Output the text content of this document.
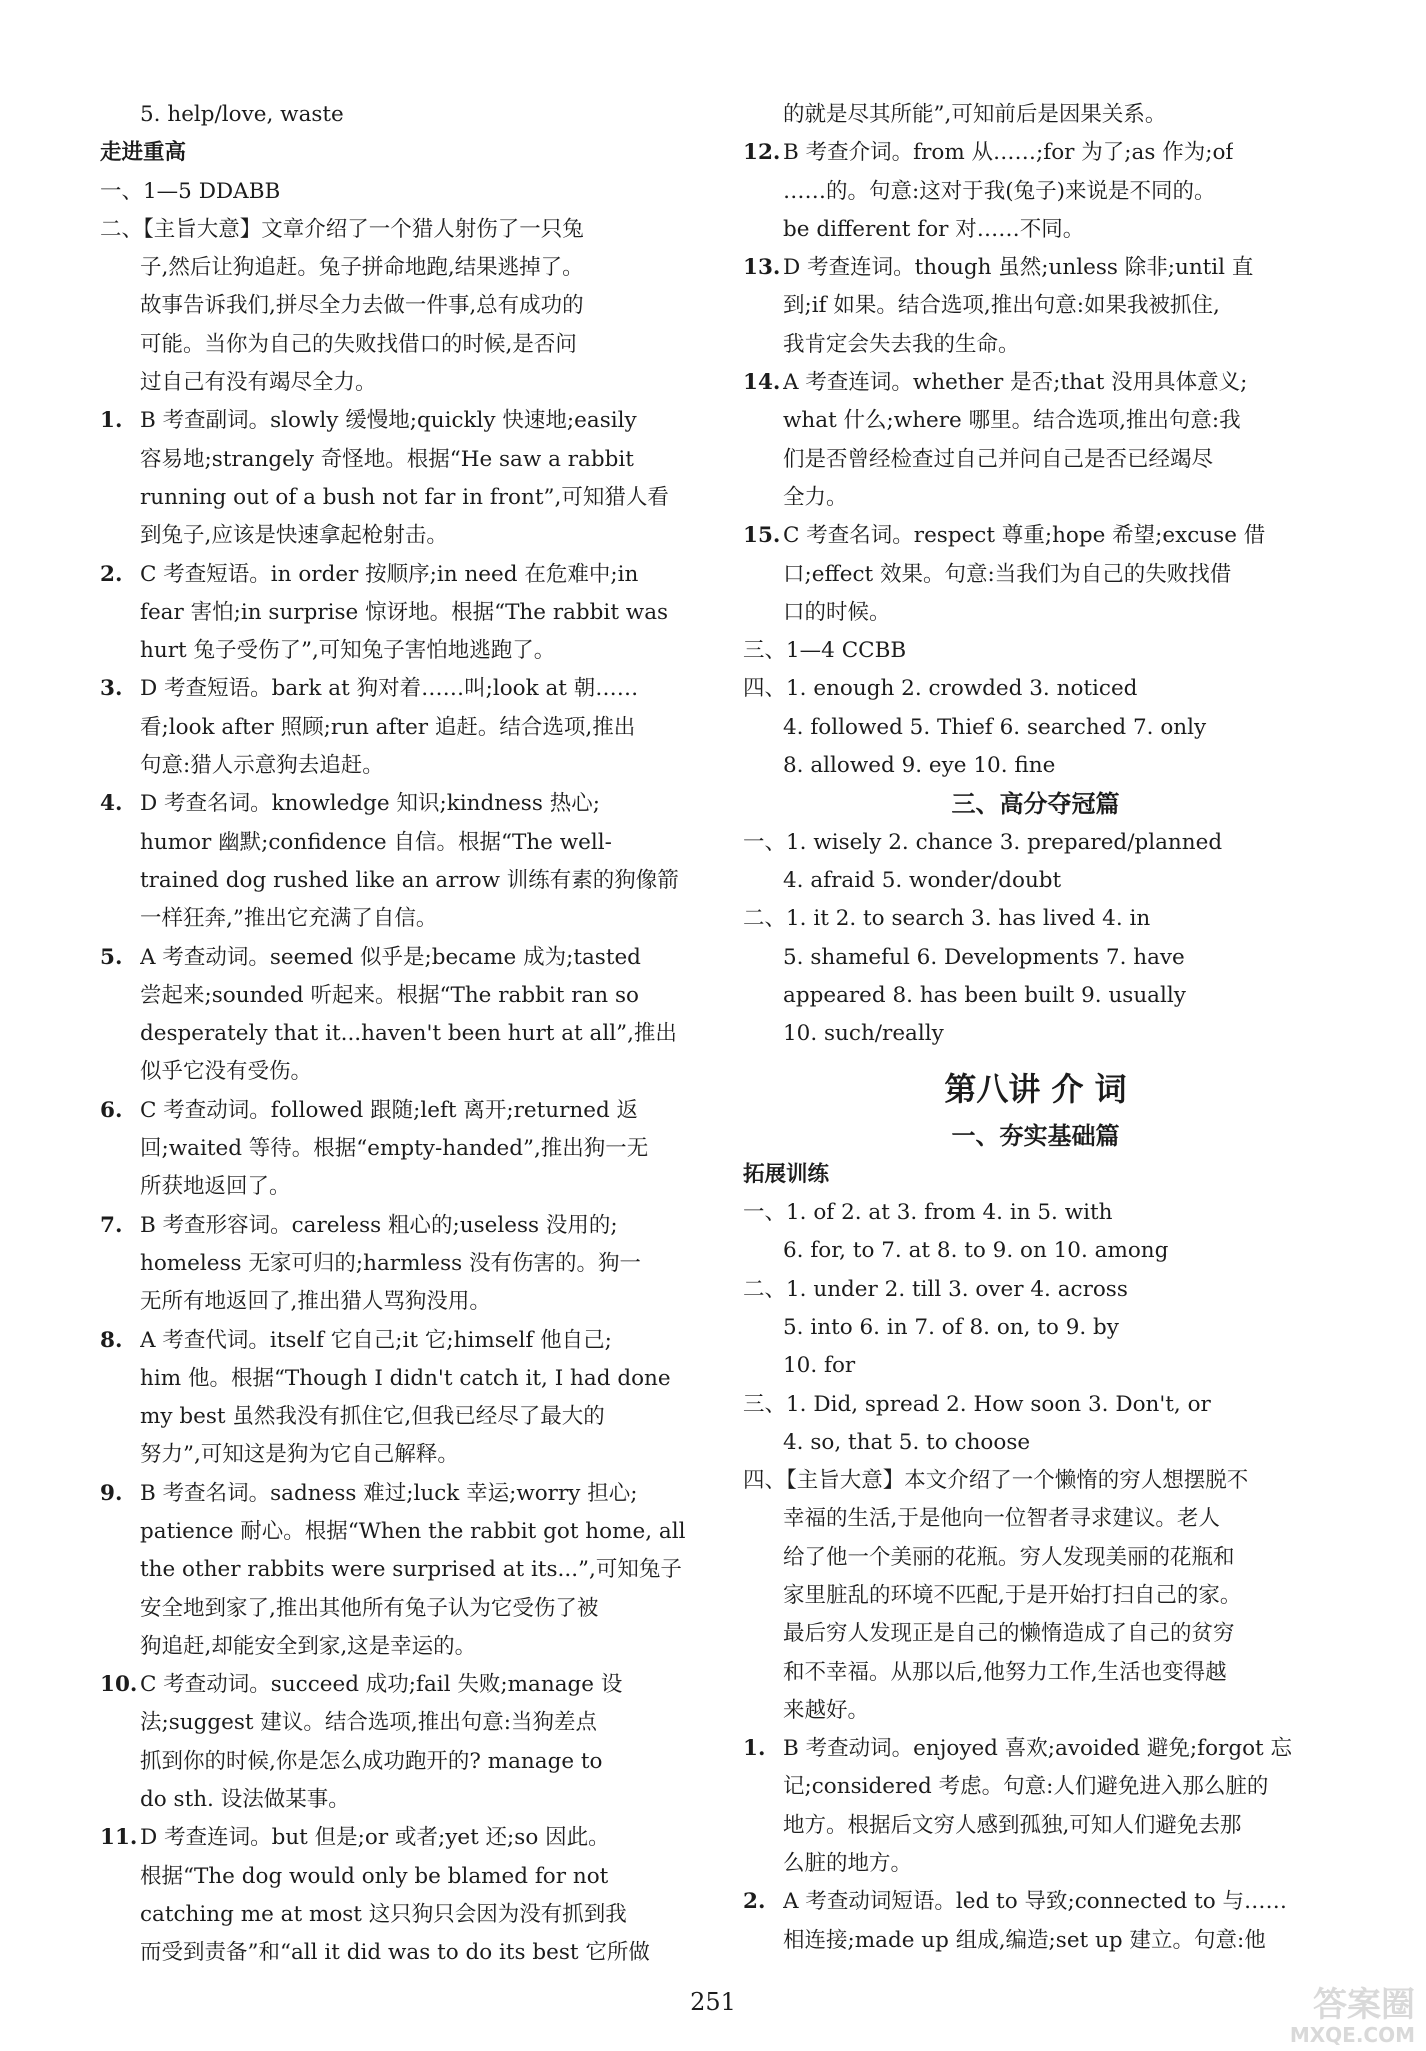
5. help/love, waste
走进重高
一、1—5 DDABB
二、【主旨大意】文章介绍了一个猎人射伤了一只兔
子,然后让狗追赶。兔子拼命地跑,结果逃掉了。
故事告诉我们,拼尽全力去做一件事,总有成功的
可能。当你为自己的失败找借口的时候,是否问
过自己有没有竭尽全力。
1. B 考查副词。slowly 缓慢地;quickly 快速地;easily
容易地;strangely 奇怪地。根据“He saw a rabbit
running out of a bush not far in front”,可知猎人看
到兔子,应该是快速拿起枪射击。
2. C 考查短语。in order 按顺序;in need 在危难中;in
fear 害怕;in surprise 惊讶地。根据“The rabbit was
hurt 兔子受伤了”,可知兔子害怕地逃跑了。
3. D 考查短语。bark at 狗对着……叫;look at 朝……
看;look after 照顾;run after 追赶。结合选项,推出
句意:猎人示意狗去追赶。
4. D 考查名词。knowledge 知识;kindness 热心;
humor 幽默;confidence 自信。根据“The well-
trained dog rushed like an arrow 训练有素的狗像箭
一样狂奔,”推出它充满了自信。
5. A 考查动词。seemed 似乎是;became 成为;tasted
尝起来;sounded 听起来。根据“The rabbit ran so
desperately that it...haven't been hurt at all”,推出
似乎它没有受伤。
6. C 考查动词。followed 跟随;left 离开;returned 返
回;waited 等待。根据“empty-handed”,推出狗一无
所获地返回了。
7. B 考查形容词。careless 粗心的;useless 没用的;
homeless 无家可归的;harmless 没有伤害的。狗一
无所有地返回了,推出猎人骂狗没用。
8. A 考查代词。itself 它自己;it 它;himself 他自己;
him 他。根据“Though I didn't catch it, I had done
my best 虽然我没有抓住它,但我已经尽了最大的
努力”,可知这是狗为它自己解释。
9. B 考查名词。sadness 难过;luck 幸运;worry 担心;
patience 耐心。根据“When the rabbit got home, all
the other rabbits were surprised at its...”,可知兔子
安全地到家了,推出其他所有兔子认为它受伤了被
狗追赶,却能安全到家,这是幸运的。
10. C 考查动词。succeed 成功;fail 失败;manage 设
法;suggest 建议。结合选项,推出句意:当狗差点
抓到你的时候,你是怎么成功跑开的? manage to
do sth. 设法做某事。
11. D 考查连词。but 但是;or 或者;yet 还;so 因此。
根据“The dog would only be blamed for not
catching me at most 这只狗只会因为没有抓到我
而受到责备”和“all it did was to do its best 它所做
的就是尽其所能”,可知前后是因果关系。
12. B 考查介词。from 从……;for 为了;as 作为;of
……的。句意:这对于我(兔子)来说是不同的。
be different for 对……不同。
13. D 考查连词。though 虽然;unless 除非;until 直
到;if 如果。结合选项,推出句意:如果我被抓住,
我肯定会失去我的生命。
14. A 考查连词。whether 是否;that 没用具体意义;
what 什么;where 哪里。结合选项,推出句意:我
们是否曾经检查过自己并问自己是否已经竭尽
全力。
15. C 考查名词。respect 尊重;hope 希望;excuse 借
口;effect 效果。句意:当我们为自己的失败找借
口的时候。
三、1—4 CCBB
四、1. enough 2. crowded 3. noticed
4. followed 5. Thief 6. searched 7. only
8. allowed 9. eye 10. fine
三、高分夺冠篇
一、1. wisely 2. chance 3. prepared/planned
4. afraid 5. wonder/doubt
二、1. it 2. to search 3. has lived 4. in
5. shameful 6. Developments 7. have
appeared 8. has been built 9. usually
10. such/really
第八讲 介 词
一、夯实基础篇
拓展训练
一、1. of 2. at 3. from 4. in 5. with
6. for, to 7. at 8. to 9. on 10. among
二、1. under 2. till 3. over 4. across
5. into 6. in 7. of 8. on, to 9. by
10. for
三、1. Did, spread 2. How soon 3. Don't, or
4. so, that 5. to choose
四、【主旨大意】本文介绍了一个懒惰的穷人想摆脱不
幸福的生活,于是他向一位智者寻求建议。老人
给了他一个美丽的花瓶。穷人发现美丽的花瓶和
家里脏乱的环境不匹配,于是开始打扫自己的家。
最后穷人发现正是自己的懒惰造成了自己的贫穷
和不幸福。从那以后,他努力工作,生活也变得越
来越好。
1. B 考查动词。enjoyed 喜欢;avoided 避免;forgot 忘
记;considered 考虑。句意:人们避免进入那么脏的
地方。根据后文穷人感到孤独,可知人们避免去那
么脏的地方。
2. A 考查动词短语。led to 导致;connected to 与……
相连接;made up 组成,编造;set up 建立。句意:他
251	答案圈
MXQE.COM
